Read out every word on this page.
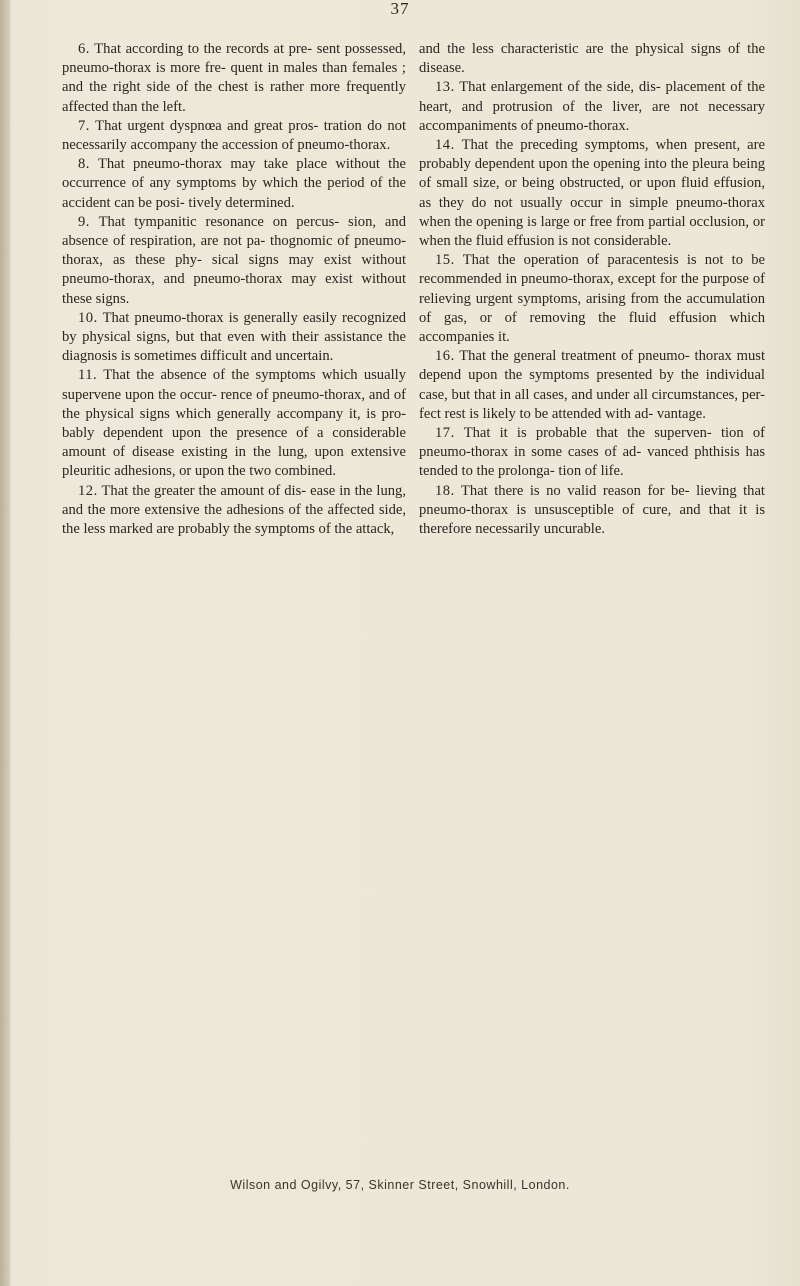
37

6. That according to the records at pre- sent possessed, pneumo-thorax is more fre- quent in males than females ; and the right side of the chest is rather more frequently affected than the left.

7. That urgent dyspnœa and great pros- tration do not necessarily accompany the accession of pneumo-thorax.

8. That pneumo-thorax may take place without the occurrence of any symptoms by which the period of the accident can be posi- tively determined.

9. That tympanitic resonance on percus- sion, and absence of respiration, are not pa- thognomic of pneumo-thorax, as these phy- sical signs may exist without pneumo-thorax, and pneumo-thorax may exist without these signs.

10. That pneumo-thorax is generally easily recognized by physical signs, but that even with their assistance the diagnosis is sometimes difficult and uncertain.

11. That the absence of the symptoms which usually supervene upon the occur- rence of pneumo-thorax, and of the physical signs which generally accompany it, is pro- bably dependent upon the presence of a considerable amount of disease existing in the lung, upon extensive pleuritic adhesions, or upon the two combined.

12. That the greater the amount of dis- ease in the lung, and the more extensive the adhesions of the affected side, the less marked are probably the symptoms of the attack,

and the less characteristic are the physical signs of the disease.

13. That enlargement of the side, dis- placement of the heart, and protrusion of the liver, are not necessary accompaniments of pneumo-thorax.

14. That the preceding symptoms, when present, are probably dependent upon the opening into the pleura being of small size, or being obstructed, or upon fluid effusion, as they do not usually occur in simple pneumo-thorax when the opening is large or free from partial occlusion, or when the fluid effusion is not considerable.

15. That the operation of paracentesis is not to be recommended in pneumo-thorax, except for the purpose of relieving urgent symptoms, arising from the accumulation of gas, or of removing the fluid effusion which accompanies it.

16. That the general treatment of pneumo- thorax must depend upon the symptoms presented by the individual case, but that in all cases, and under all circumstances, per- fect rest is likely to be attended with ad- vantage.

17. That it is probable that the superven- tion of pneumo-thorax in some cases of ad- vanced phthisis has tended to the prolonga- tion of life.

18. That there is no valid reason for be- lieving that pneumo-thorax is unsusceptible of cure, and that it is therefore necessarily uncurable.

Wilson and Ogilvy, 57, Skinner Street, Snowhill, London.
